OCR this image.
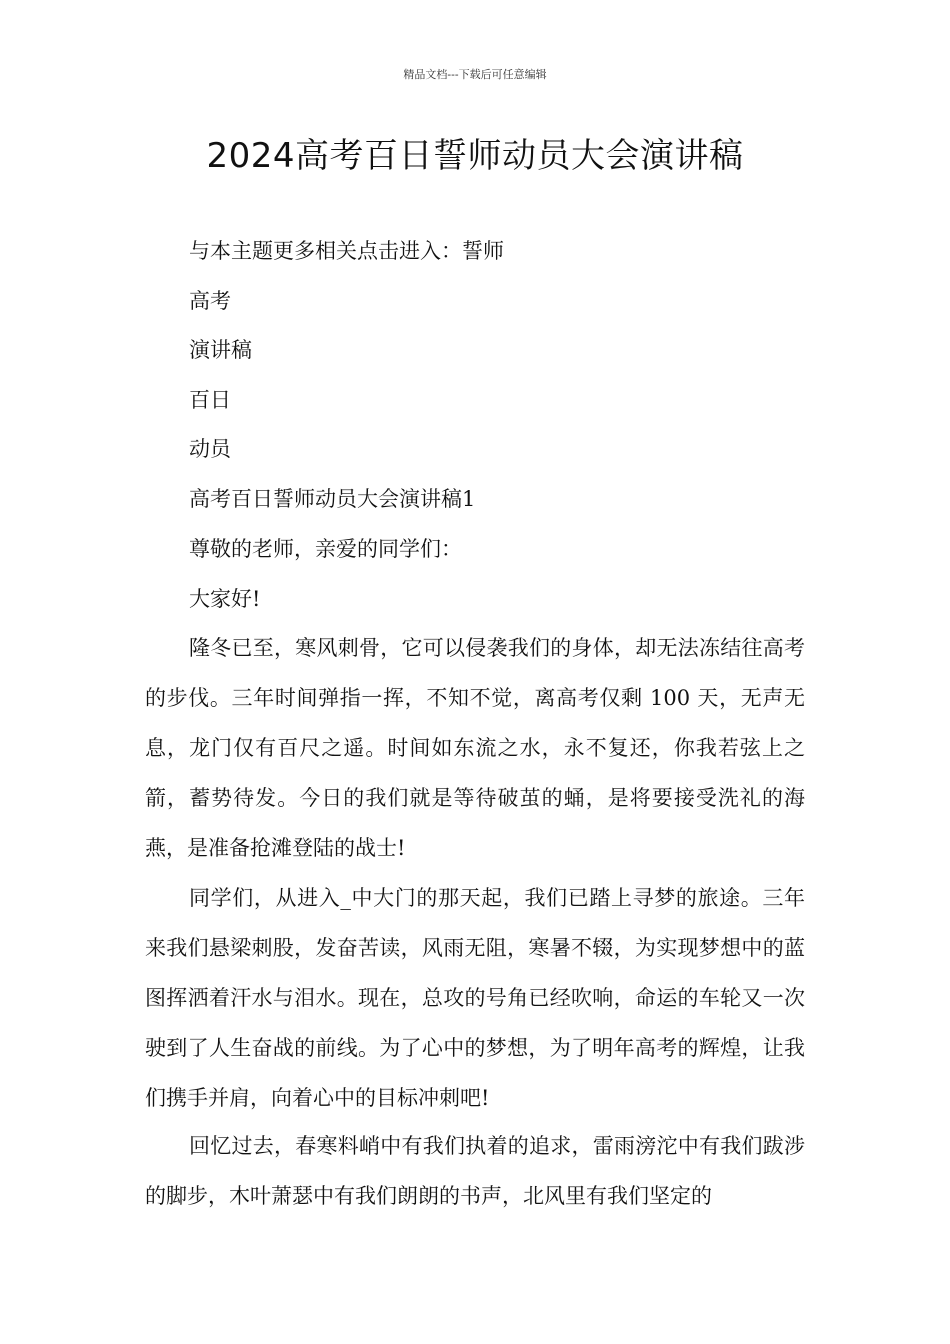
精品文档---下载后可任意编辑
2024高考百日誓师动员大会演讲稿
与本主题更多相关点击进入：誓师
高考
演讲稿
百日
动员
高考百日誓师动员大会演讲稿1
尊敬的老师，亲爱的同学们：
大家好!

隆冬已至，寒风刺骨，它可以侵袭我们的身体，却无法冻结往高考的步伐。三年时间弹指一挥，不知不觉，离高考仅剩 100 天，无声无息，龙门仅有百尺之遥。时间如东流之水，永不复还，你我若弦上之箭，蓄势待发。今日的我们就是等待破茧的蛹，是将要接受洗礼的海燕，是准备抢滩登陆的战士!

同学们，从进入_中大门的那天起，我们已踏上寻梦的旅途。三年来我们悬梁刺股，发奋苦读，风雨无阻，寒暑不辍，为实现梦想中的蓝图挥洒着汗水与泪水。现在，总攻的号角已经吹响，命运的车轮又一次驶到了人生奋战的前线。为了心中的梦想，为了明年高考的辉煌，让我们携手并肩，向着心中的目标冲刺吧!

回忆过去，春寒料峭中有我们执着的追求，雷雨滂沱中有我们跋涉的脚步，木叶萧瑟中有我们朗朗的书声，北风里有我们坚定的
